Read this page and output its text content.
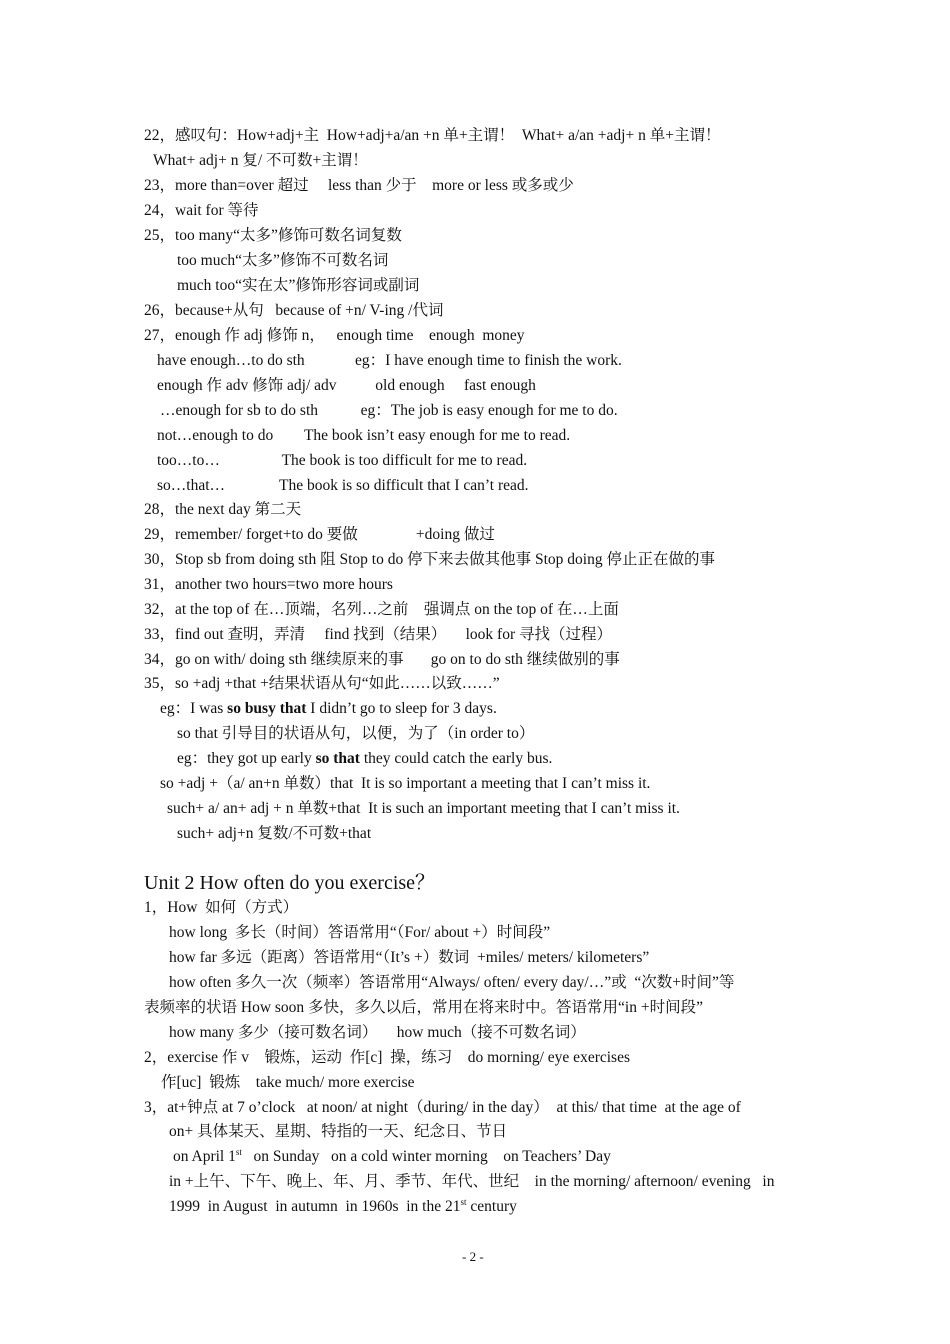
22，感叹句：How+adj+主  How+adj+a/an +n 单+主谓！  What+ a/an +adj+ n 单+主谓！
What+ adj+ n 复/ 不可数+主谓！
23，more than=over 超过     less than 少于    more or less 或多或少
24，wait for 等待
25，too many“太多”修饰可数名词复数
too much“太多”修饰不可数名词
much too“实在太”修饰形容词或副词
26，because+从句   because of +n/ V-ing /代词
27，enough 作 adj 修饰 n，   enough time    enough  money
have enough…to do sth             eg：I have enough time to finish the work.
enough 作 adv 修饰 adj/ adv          old enough     fast enough
…enough for sb to do sth           eg：The job is easy enough for me to do.
not…enough to do        The book isn’t easy enough for me to read.
too…to…                The book is too difficult for me to read.
so…that…              The book is so difficult that I can’t read.
28，the next day 第二天
29，remember/ forget+to do 要做               +doing 做过
30，Stop sb from doing sth 阻 Stop to do 停下来去做其他事 Stop doing 停止正在做的事
31，another two hours=two more hours
32，at the top of 在…顶端，名列…之前    强调点 on the top of 在…上面
33，find out 查明，弄清     find 找到（结果）     look for 寻找（过程）
34，go on with/ doing sth 继续原来的事       go on to do sth 继续做别的事
35，so +adj +that +结果状语从句“如此……以致……”
eg：I was so busy that I didn’t go to sleep for 3 days.
so that 引导目的状语从句，以便，为了（in order to）
eg：they got up early so that they could catch the early bus.
so +adj +（a/ an+n 单数）that  It is so important a meeting that I can’t miss it.
such+ a/ an+ adj + n 单数+that  It is such an important meeting that I can’t miss it.
such+ adj+n 复数/不可数+that
Unit 2 How often do you exercise？
1，How  如何（方式）
how long  多长（时间）答语常用“（For/ about +）时间段”
how far 多远（距离）答语常用“（It’s +）数词  +miles/ meters/ kilometers”
how often 多久一次（频率）答语常用“Always/ often/ every day/…”或  “次数+时间”等
表频率的状语 How soon 多快，多久以后，常用在将来时中。答语常用“in +时间段”
how many 多少（接可数名词）     how much（接不可数名词）
2，exercise 作 v    锻炼，运动  作[c]  操，练习    do morning/ eye exercises
作[uc]  锻炼    take much/ more exercise
3，at+钟点 at 7 o’clock   at noon/ at night（during/ in the day）  at this/ that time  at the age of
on+ 具体某天、星期、特指的一天、纪念日、节日
on April 1st   on Sunday   on a cold winter morning    on Teachers’ Day
in +上午、下午、晚上、年、月、季节、年代、世纪    in the morning/ afternoon/ evening   in
1999  in August  in autumn  in 1960s  in the 21st century
- 2 -
